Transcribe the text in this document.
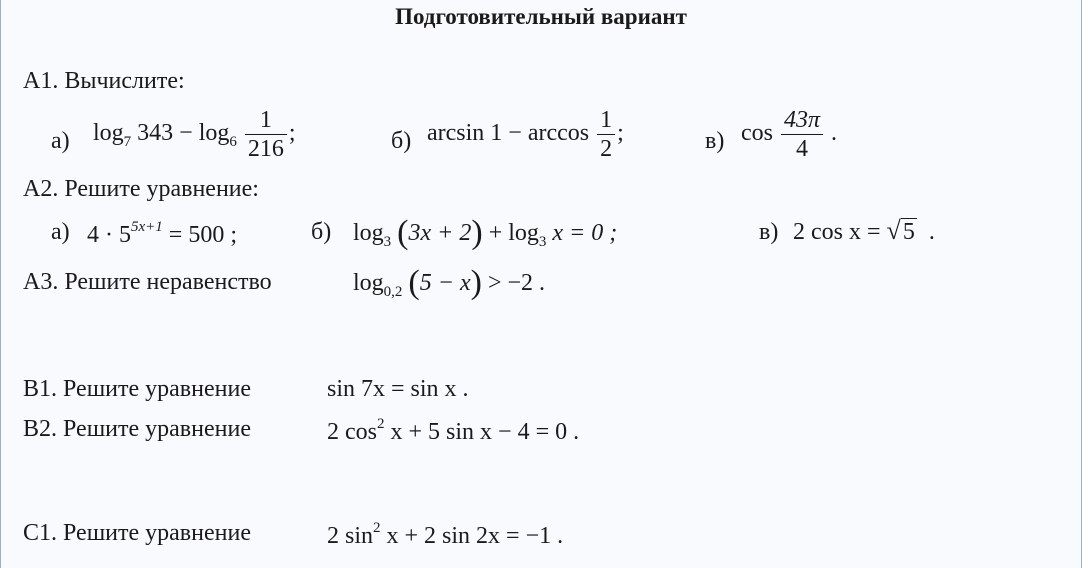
Подготовительный вариант
А1. Вычислите:
а) $\log_7 343 - \log_6 \frac{1}{216}$ ;	б) $\arcsin 1 - \arccos \frac{1}{2}$ ;	в) $\cos \frac{43\pi}{4}$ .
А2. Решите уравнение:
а) $4 \cdot 5^{5x+1} = 500$ ;	б) $\log_3 (3x + 2) + \log_3 x = 0$ ;	в) 2 cos x = √5 .
А3. Решите неравенство	$\log_{0,2} (5 - x) > -2$ .
В1. Решите уравнение	sin 7x = sin x .
В2. Решите уравнение	2 $\cos^2 x + 5$ sin x − 4 = 0 .
С1. Решите уравнение	2 $\sin^2 x + 2$ sin 2x = −1 .
